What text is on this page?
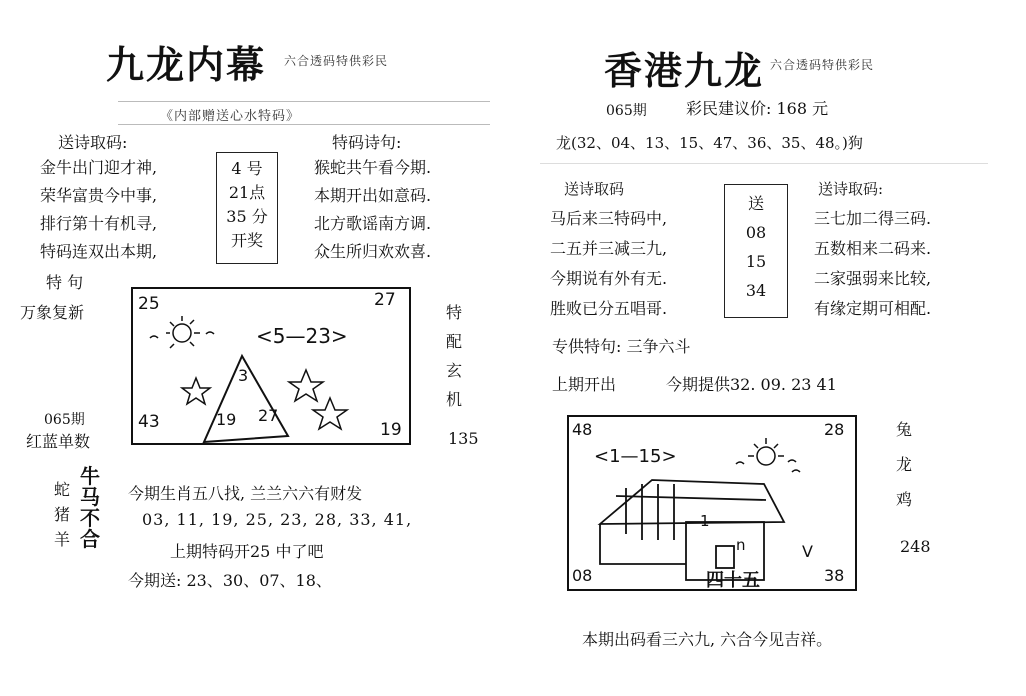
九龙内幕 六合透码特供彩民
《内部赠送心水特码》
送诗取码:	特码诗句:
金牛出门迎才神,
荣华富贵今中事,
排行第十有机寻,
特码连双出本期,
4 号
21点
35 分
开奖
猴蛇共午看今期.
本期开出如意码.
北方歌谣南方调.
众生所归欢欢喜.
特 句
万象复新	特
配
玄
机
065期
红蓝单数	135
25	27
43	19
<5—23>
3
19 27
蛇
猪
羊
牛
马
不
合
今期生肖五八找, 兰兰六六有财发
03, 11, 19, 25, 23, 28, 33, 41,
上期特码开25 中了吧
今期送: 23、30、07、18、
香港九龙 六合透码特供彩民
065期 彩民建议价: 168 元
龙(32、04、13、15、47、36、35、48。)狗
送诗取码	送诗取码:
马后来三特码中,
二五并三减三九,
今期说有外有无.
胜败已分五唱哥.
送
08
15
34
三七加二得三码.
五数相来二码来.
二家强弱来比较,
有缘定期可相配.
专供特句: 三争六斗
上期开出	今期提供32. 09. 23 41
48	28
08	38
<1—15>
1
n
四十五
V
兔
龙
鸡
248
本期出码看三六九, 六合今见吉祥。
